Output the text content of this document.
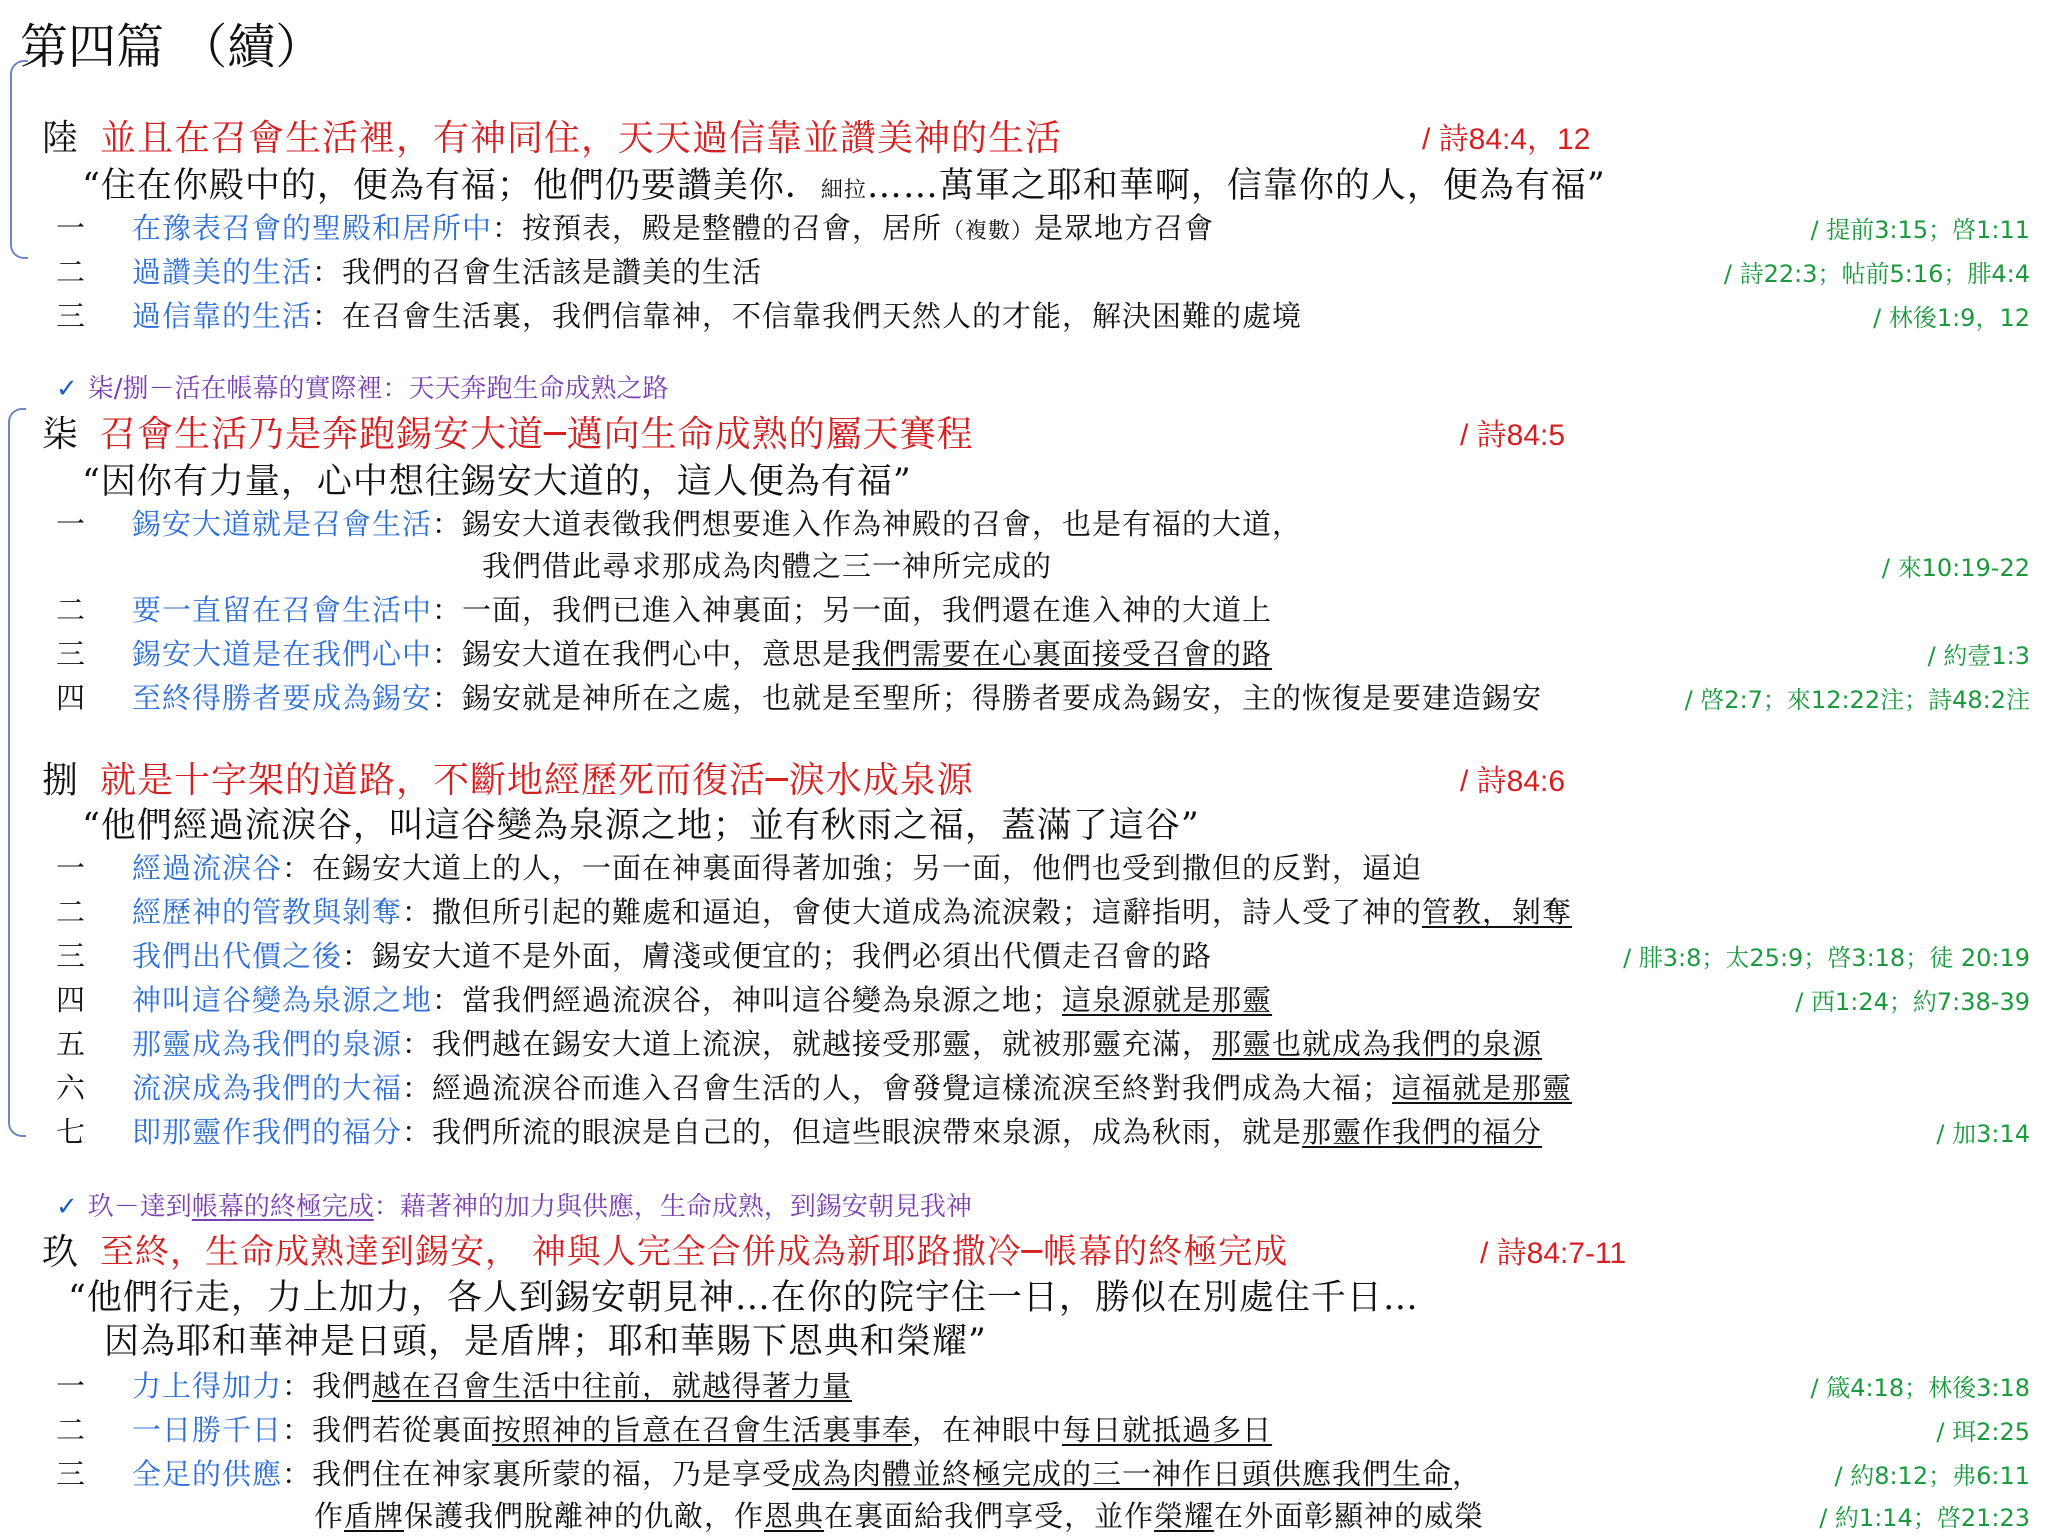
第四篇 （續）
陸 並且在召會生活裡，有神同住，天天過信靠並讚美神的生活	/ 詩84:4，12
“住在你殿中的，便為有福；他們仍要讚美你．細拉……萬軍之耶和華啊，信靠你的人，便為有福”
一 在豫表召會的聖殿和居所中：按預表，殿是整體的召會，居所（複數）是眾地方召會	/ 提前3:15；啓1:11
二 過讚美的生活：我們的召會生活該是讚美的生活	/ 詩22:3；帖前5:16；腓4:4
三 過信靠的生活：在召會生活裏，我們信靠神，不信靠我們天然人的才能，解決困難的處境	/ 林後1:9，12
✓ 柒/捌－活在帳幕的實際裡：天天奔跑生命成熟之路
柒 召會生活乃是奔跑錫安大道─邁向生命成熟的屬天賽程	/ 詩84:5
“因你有力量，心中想往錫安大道的，這人便為有福”
一 錫安大道就是召會生活：錫安大道表徵我們想要進入作為神殿的召會，也是有福的大道，
我們借此尋求那成為肉體之三一神所完成的	/ 來10:19-22
二 要一直留在召會生活中：一面，我們已進入神裏面；另一面，我們還在進入神的大道上
三 錫安大道是在我們心中：錫安大道在我們心中，意思是我們需要在心裏面接受召會的路	/ 約壹1:3
四 至終得勝者要成為錫安：錫安就是神所在之處，也就是至聖所；得勝者要成為錫安，主的恢復是要建造錫安	/ 啓2:7；來12:22注；詩48:2注
捌 就是十字架的道路，不斷地經歷死而復活─淚水成泉源	/ 詩84:6
“他們經過流淚谷，叫這谷變為泉源之地；並有秋雨之福，蓋滿了這谷”
一 經過流淚谷：在錫安大道上的人，一面在神裏面得著加強；另一面，他們也受到撒但的反對，逼迫
二 經歷神的管教與剝奪：撒但所引起的難處和逼迫，會使大道成為流淚穀；這辭指明，詩人受了神的管教，剝奪
三 我們出代價之後：錫安大道不是外面，膚淺或便宜的；我們必須出代價走召會的路	/ 腓3:8；太25:9；啓3:18；徒 20:19
四 神叫這谷變為泉源之地：當我們經過流淚谷，神叫這谷變為泉源之地；這泉源就是那靈	/ 西1:24；約7:38-39
五 那靈成為我們的泉源：我們越在錫安大道上流淚，就越接受那靈，就被那靈充滿，那靈也就成為我們的泉源
六 流淚成為我們的大福：經過流淚谷而進入召會生活的人，會發覺這樣流淚至終對我們成為大福；這福就是那靈
七 即那靈作我們的福分：我們所流的眼淚是自己的，但這些眼淚帶來泉源，成為秋雨，就是那靈作我們的福分	/ 加3:14
✓ 玖－達到帳幕的終極完成：藉著神的加力與供應，生命成熟，到錫安朝見我神
玖 至終，生命成熟達到錫安， 神與人完全合併成為新耶路撒冷─帳幕的終極完成	/ 詩84:7-11
“他們行走，力上加力，各人到錫安朝見神…在你的院宇住一日，勝似在別處住千日…
因為耶和華神是日頭，是盾牌；耶和華賜下恩典和榮耀”
一 力上得加力：我們越在召會生活中往前，就越得著力量	/ 箴4:18；林後3:18
二 一日勝千日：我們若從裏面按照神的旨意在召會生活裏事奉，在神眼中每日就抵過多日	/ 珥2:25
三 全足的供應：我們住在神家裏所蒙的福，乃是享受成為肉體並終極完成的三一神作日頭供應我們生命，	/ 約8:12；弗6:11
作盾牌保護我們脫離神的仇敵，作恩典在裏面給我們享受，並作榮耀在外面彰顯神的威榮	/ 約1:14；啓21:23
